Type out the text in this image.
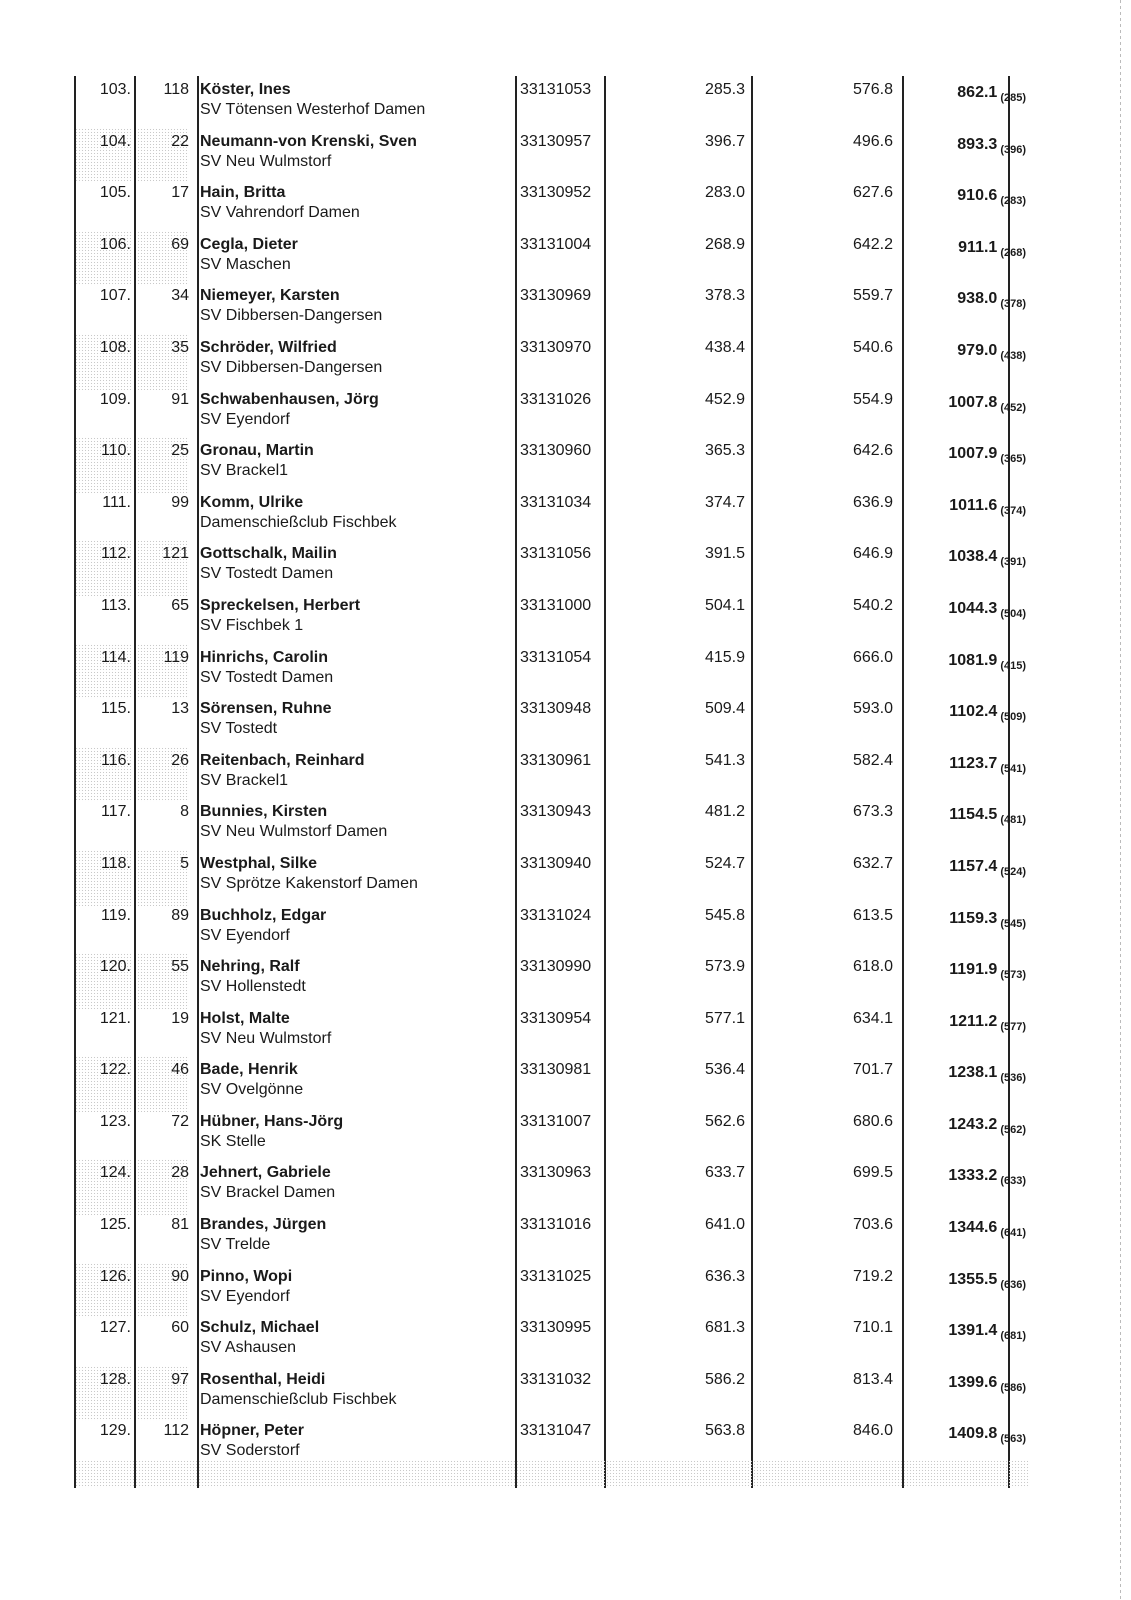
103.	118 Köster, Ines
SV Tötensen Westerhof Damen
33131053	285.3	576.8	862.1 $_{(285)}$
104.	22 Neumann-von Krenski, Sven
SV Neu Wulmstorf
33130957	396.7	496.6	893.3 $_{(396)}$
105.	17 Hain, Britta
SV Vahrendorf Damen
33130952	283.0	627.6	910.6 $_{(283)}$
106.	69 Cegla, Dieter
SV Maschen
33131004	268.9	642.2	911.1 $_{(268)}$
107.	34 Niemeyer, Karsten
SV Dibbersen-Dangersen
33130969	378.3	559.7	938.0 $_{(378)}$
108.	35 Schröder, Wilfried
SV Dibbersen-Dangersen
33130970	438.4	540.6	979.0 $_{(438)}$
109.	91 Schwabenhausen, Jörg
SV Eyendorf
33131026	452.9	554.9	1007.8 $_{(452)}$
110.	25 Gronau, Martin
SV Brackel1
33130960	365.3	642.6	1007.9 $_{(365)}$
111.	99 Komm, Ulrike
Damenschießclub Fischbek
33131034	374.7	636.9	1011.6 $_{(374)}$
112.	121 Gottschalk, Mailin
SV Tostedt Damen
33131056	391.5	646.9	1038.4 $_{(391)}$
113.	65 Spreckelsen, Herbert
SV Fischbek 1
33131000	504.1	540.2	1044.3 $_{(504)}$
114.	119 Hinrichs, Carolin
SV Tostedt Damen
33131054	415.9	666.0	1081.9 $_{(415)}$
115.	13 Sörensen, Ruhne
SV Tostedt
33130948	509.4	593.0	1102.4 $_{(509)}$
116.	26 Reitenbach, Reinhard
SV Brackel1
33130961	541.3	582.4	1123.7 $_{(541)}$
117.	8 Bunnies, Kirsten
SV Neu Wulmstorf Damen
33130943	481.2	673.3	1154.5 $_{(481)}$
118.	5 Westphal, Silke
SV Sprötze Kakenstorf Damen
33130940	524.7	632.7	1157.4 $_{(524)}$
119.	89 Buchholz, Edgar
SV Eyendorf
33131024	545.8	613.5	1159.3 $_{(545)}$
120.	55 Nehring, Ralf
SV Hollenstedt
33130990	573.9	618.0	1191.9 $_{(573)}$
121.	19 Holst, Malte
SV Neu Wulmstorf
33130954	577.1	634.1	1211.2 $_{(577)}$
122.	46 Bade, Henrik
SV Ovelgönne
33130981	536.4	701.7	1238.1 $_{(536)}$
123.	72 Hübner, Hans-Jörg
SK Stelle
33131007	562.6	680.6	1243.2 $_{(562)}$
124.	28 Jehnert, Gabriele
SV Brackel Damen
33130963	633.7	699.5	1333.2 $_{(633)}$
125.	81 Brandes, Jürgen
SV Trelde
33131016	641.0	703.6	1344.6 $_{(641)}$
126.	90 Pinno, Wopi
SV Eyendorf
33131025	636.3	719.2	1355.5 $_{(636)}$
127.	60 Schulz, Michael
SV Ashausen
33130995	681.3	710.1	1391.4 $_{(681)}$
128.	97 Rosenthal, Heidi
Damenschießclub Fischbek
33131032	586.2	813.4	1399.6 $_{(586)}$
129.	112 Höpner, Peter
SV Soderstorf
33131047	563.8	846.0	1409.8 $_{(563)}$
